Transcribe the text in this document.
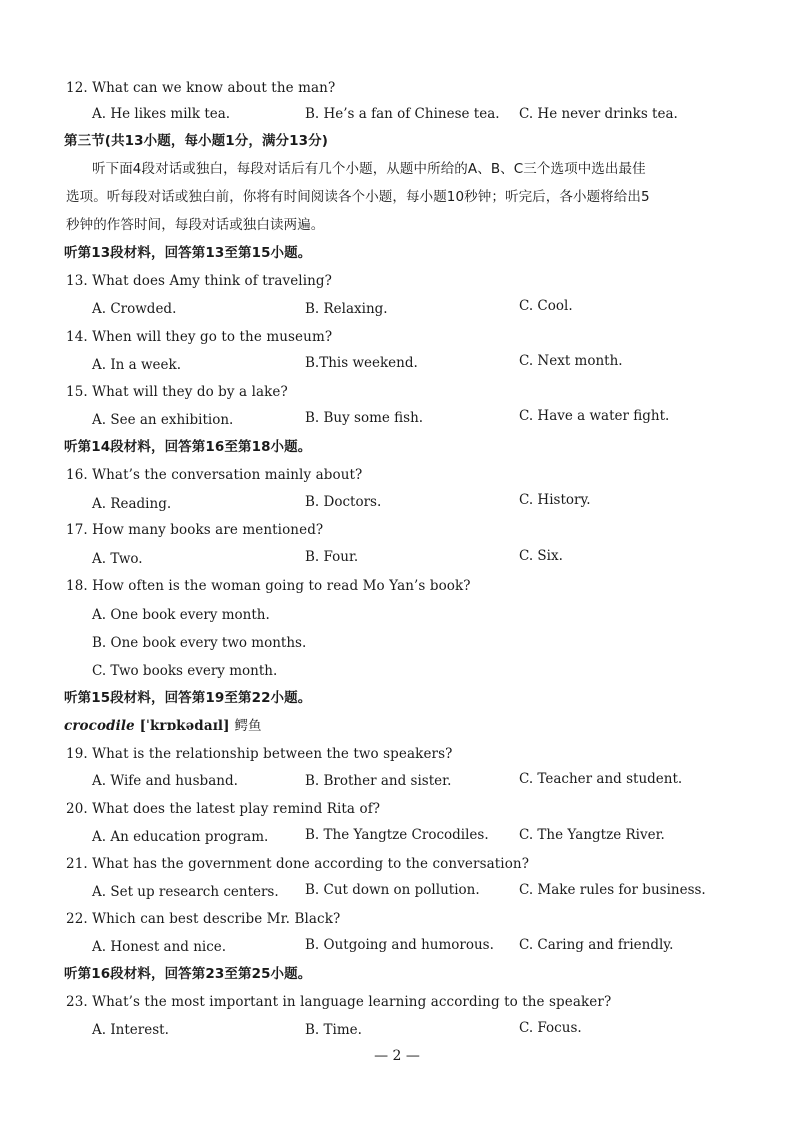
12. What can we know about the man?
A. He likes milk tea.	B. He’s a fan of Chinese tea. C. He never drinks tea.
第三节(共13小题，每小题1分，满分13分)
听下面4段对话或独白，每段对话后有几个小题，从题中所给的A、B、C三个选项中选出最佳
选项。听每段对话或独白前，你将有时间阅读各个小题，每小题10秒钟；听完后，各小题将给出5
秒钟的作答时间，每段对话或独白读两遍。
听第13段材料，回答第13至第15小题。
13. What does Amy think of traveling?
A. Crowded.	B. Relaxing.	C. Cool.
14. When will they go to the museum?
A. In a week.	B.This weekend.	C. Next month.
15. What will they do by a lake?
A. See an exhibition.	B. Buy some fish.	C. Have a water fight.
听第14段材料，回答第16至第18小题。
16. What’s the conversation mainly about?
A. Reading.	B. Doctors.	C. History.
17. How many books are mentioned?
A. Two.	B. Four.	C. Six.
18. How often is the woman going to read Mo Yan’s book?
A. One book every month.
B. One book every two months.
C. Two books every month.
听第15段材料，回答第19至第22小题。
crocodile [ˈkrɒkədaɪl] 鳄鱼
19. What is the relationship between the two speakers?
A. Wife and husband.	B. Brother and sister.	C. Teacher and student.
20. What does the latest play remind Rita of?
A. An education program.	B. The Yangtze Crocodiles. C. The Yangtze River.
21. What has the government done according to the conversation?
A. Set up research centers. B. Cut down on pollution.	C. Make rules for business.
22. Which can best describe Mr. Black?
A. Honest and nice.	B. Outgoing and humorous. C. Caring and friendly.
听第16段材料，回答第23至第25小题。
23. What’s the most important in language learning according to the speaker?
A. Interest.	B. Time.	C. Focus.
— 2 —
